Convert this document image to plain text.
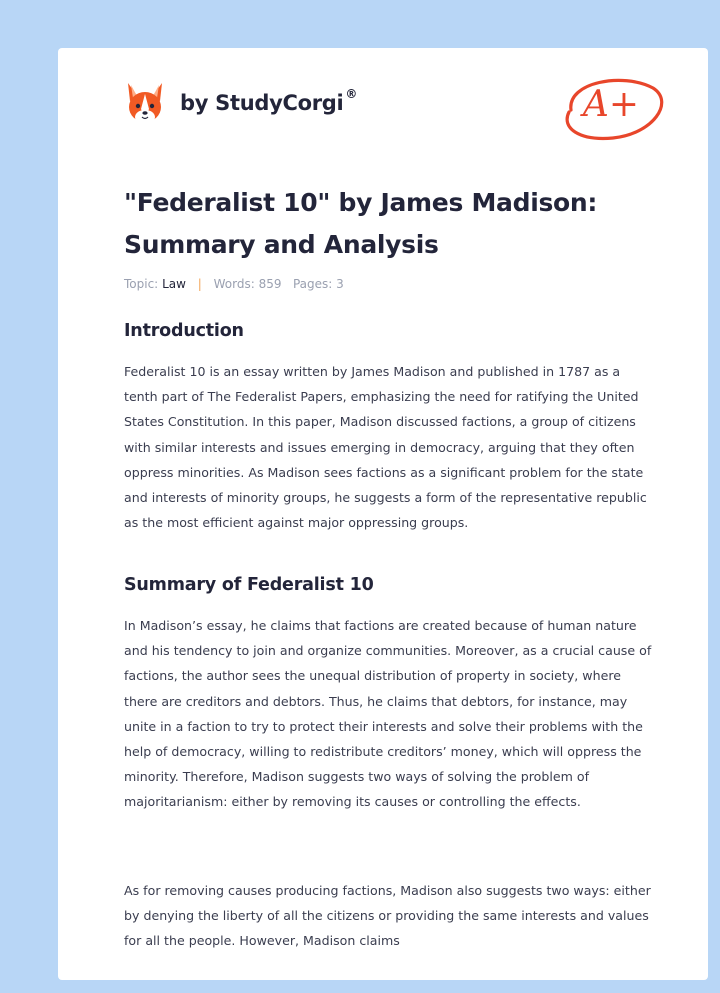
by StudyCorgi ®	A+
"Federalist 10" by James Madison: Summary and Analysis
Topic: Law | Words: 859 Pages: 3
Introduction

Federalist 10 is an essay written by James Madison and published in 1787 as a tenth part of The Federalist Papers, emphasizing the need for ratifying the United States Constitution. In this paper, Madison discussed factions, a group of citizens with similar interests and issues emerging in democracy, arguing that they often oppress minorities. As Madison sees factions as a significant problem for the state and interests of minority groups, he suggests a form of the representative republic as the most efficient against major oppressing groups.

Summary of Federalist 10

In Madison’s essay, he claims that factions are created because of human nature and his tendency to join and organize communities. Moreover, as a crucial cause of factions, the author sees the unequal distribution of property in society, where there are creditors and debtors. Thus, he claims that debtors, for instance, may unite in a faction to try to protect their interests and solve their problems with the help of democracy, willing to redistribute creditors’ money, which will oppress the minority. Therefore, Madison suggests two ways of solving the problem of majoritarianism: either by removing its causes or controlling the effects.

As for removing causes producing factions, Madison also suggests two ways: either by denying the liberty of all the citizens or providing the same interests and values for all the people. However, Madison claims
